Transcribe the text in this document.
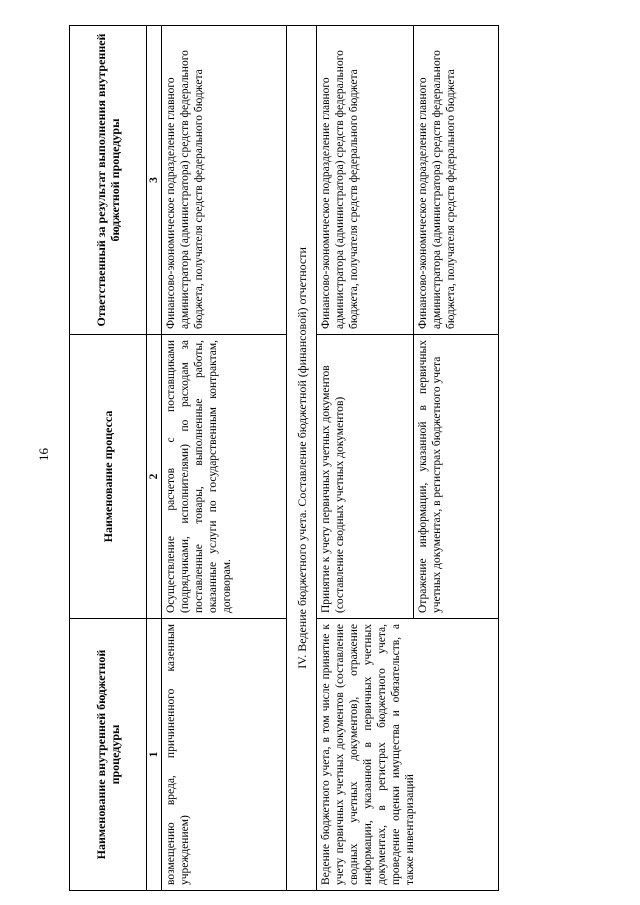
16
Наименование внутренней бюджетной процедуры	Наименование процесса	Ответственный за результат выполнения внутренней бюджетной процедуры
1	2	3
возмещению вреда, причиненного казенным учреждением)	Осуществление расчетов с поставщиками (подрядчиками, исполнителями) по расходам за поставленные товары, выполненные работы, оказанные услуги по государственным контрактам, договорам.	Финансово-экономическое подразделение главного администратора (администратора) средств федерального бюджета, получателя средств федерального бюджета
IV. Ведение бюджетного учета. Составление бюджетной (финансовой) отчетности		
Ведение бюджетного учета, в том числе принятие к учету первичных учетных документов (составление сводных учетных документов), отражение информации, указанной в первичных учетных документах, в регистрах бюджетного учета, проведение оценки имущества и обязательств, а также инвентаризаций	Принятие к учету первичных учетных документов (составление сводных учетных документов)	Финансово-экономическое подразделение главного администратора (администратора) средств федерального бюджета, получателя средств федерального бюджета
	Отражение информации, указанной в первичных учетных документах, в регистрах бюджетного учета	Финансово-экономическое подразделение главного администратора (администратора) средств федерального бюджета, получателя средств федерального бюджета
